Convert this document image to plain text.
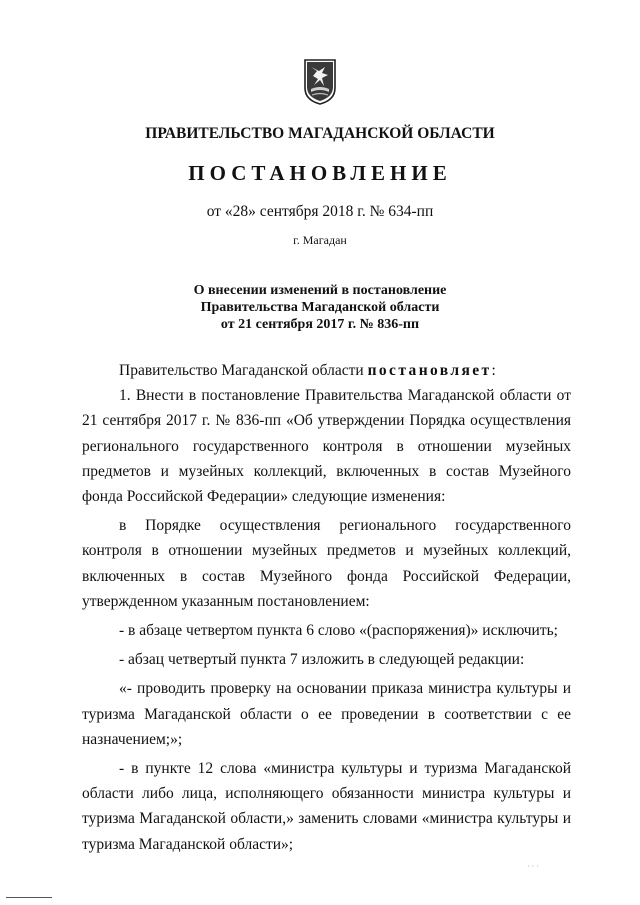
ПРАВИТЕЛЬСТВО МАГАДАНСКОЙ ОБЛАСТИ
ПОСТАНОВЛЕНИЕ
от «28» сентября 2018 г. № 634-пп
г. Магадан
О внесении изменений в постановление
Правительства Магаданской области
от 21 сентября 2017 г. № 836-пп

Правительство Магаданской области постановляет:

1. Внести в постановление Правительства Магаданской области от 21 сентября 2017 г. № 836-пп «Об утверждении Порядка осуществления регионального государственного контроля в отношении музейных предметов и музейных коллекций, включенных в состав Музейного фонда Российской Федерации» следующие изменения:

в Порядке осуществления регионального государственного контроля в отношении музейных предметов и музейных коллекций, включенных в состав Музейного фонда Российской Федерации, утвержденном указанным постановлением:

- в абзаце четвертом пункта 6 слово «(распоряжения)» исключить;

- абзац четвертый пункта 7 изложить в следующей редакции:

«- проводить проверку на основании приказа министра культуры и туризма Магаданской области о ее проведении в соответствии с ее назначением;»;

- в пункте 12 слова «министра культуры и туризма Магаданской области либо лица, исполняющего обязанности министра культуры и туризма Магаданской области,» заменить словами «министра культуры и туризма Магаданской области»;

· · ·
